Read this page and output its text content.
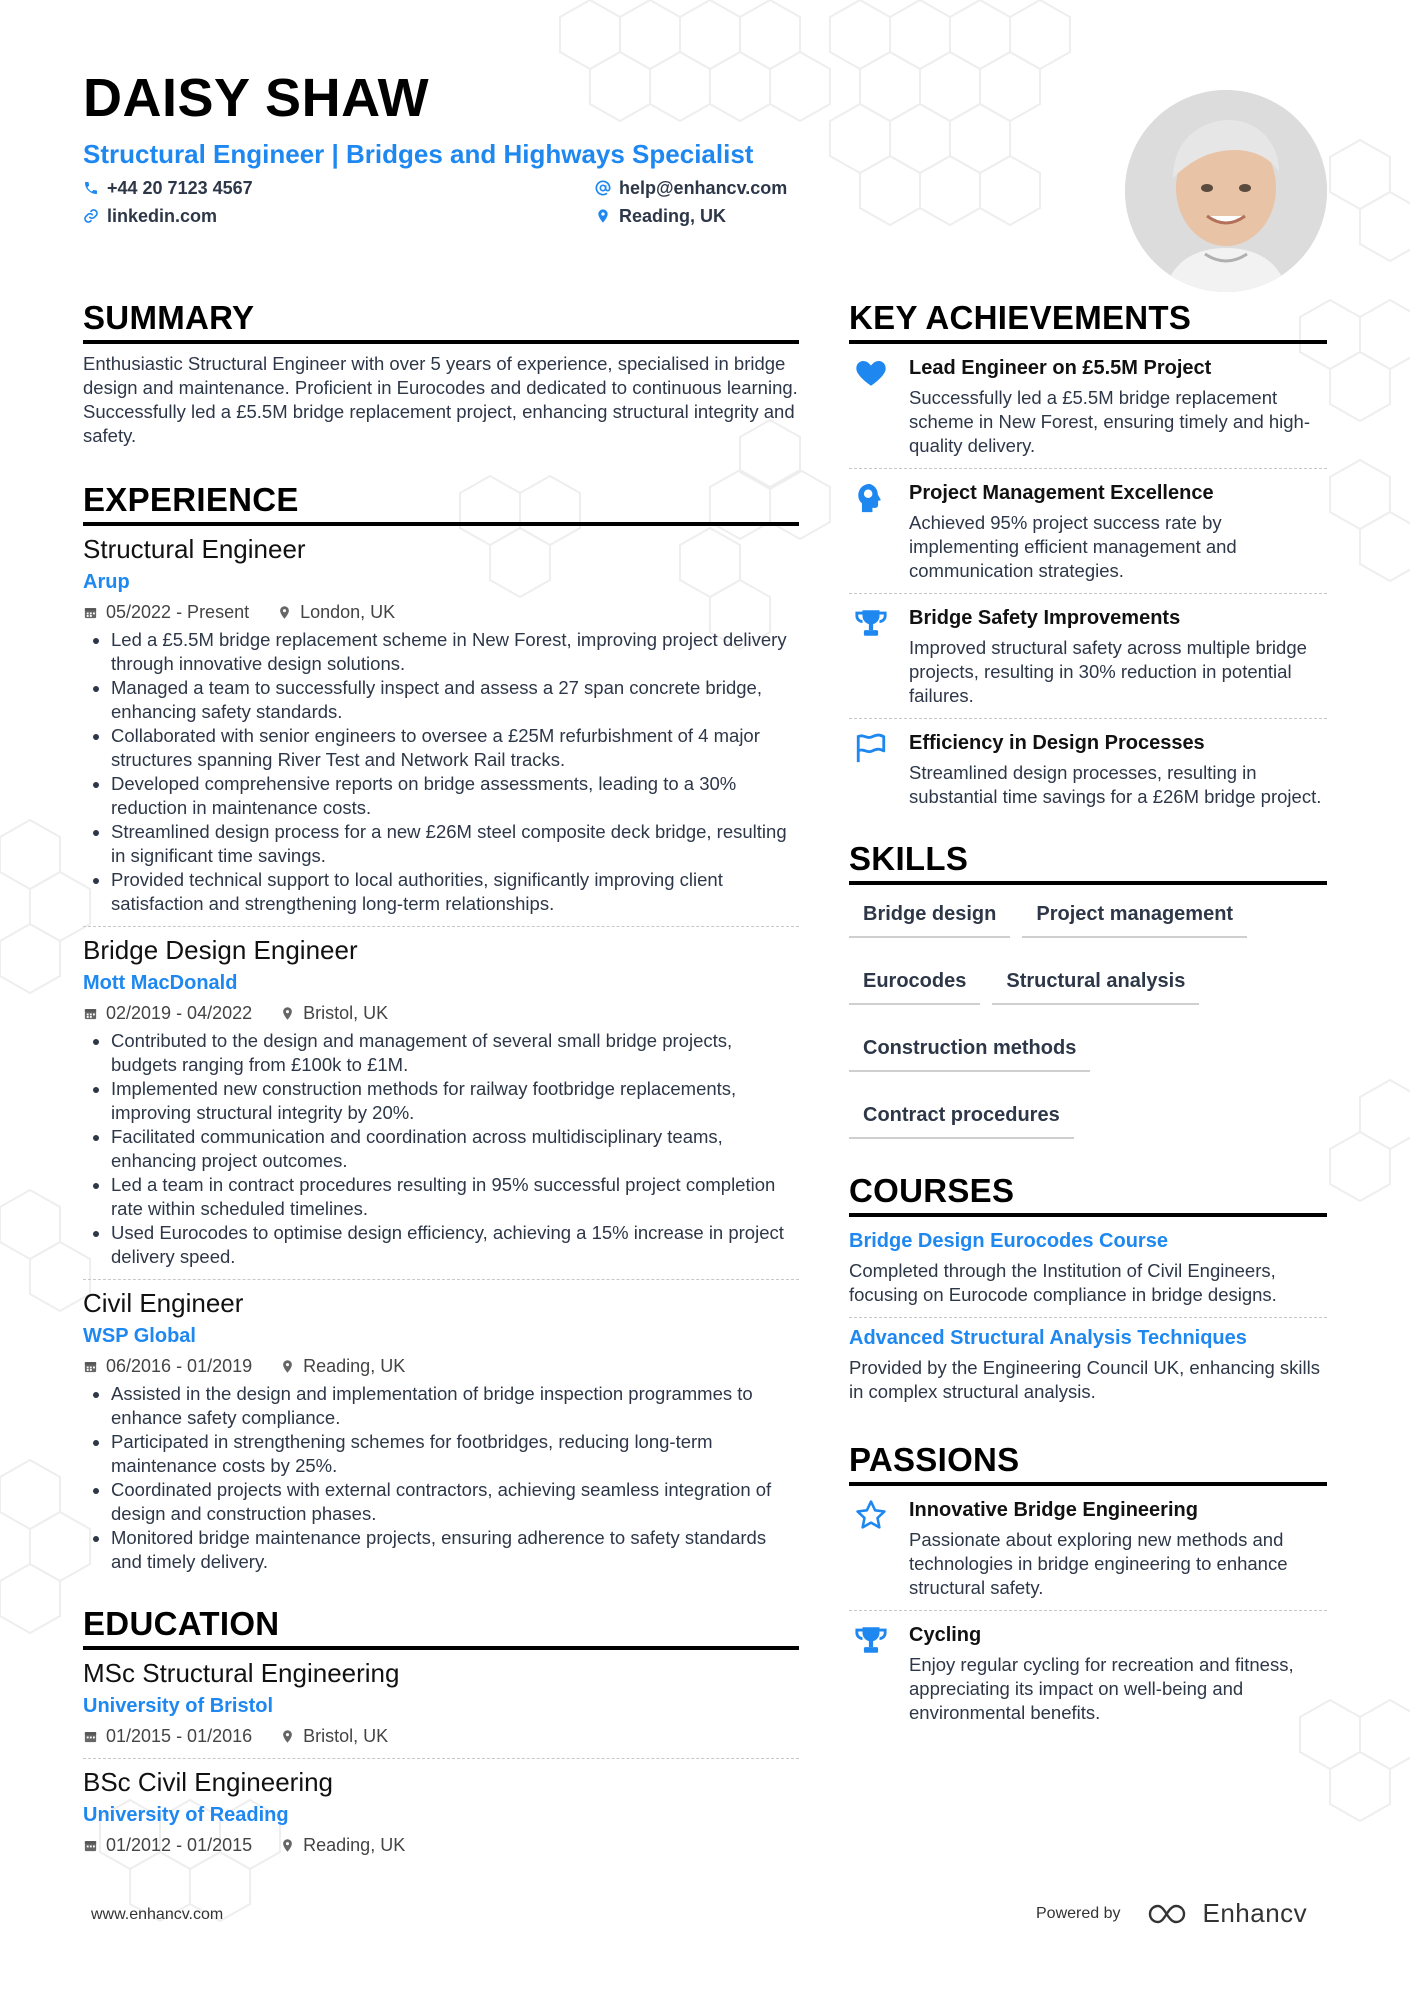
DAISY SHAW
Structural Engineer | Bridges and Highways Specialist
+44 20 7123 4567	help@enhancv.com
linkedin.com	Reading, UK
SUMMARY
Enthusiastic Structural Engineer with over 5 years of experience, specialised in bridge design and maintenance. Proficient in Eurocodes and dedicated to continuous learning. Successfully led a £5.5M bridge replacement project, enhancing structural integrity and safety.
EXPERIENCE
Structural Engineer
Arup
05/2022 - Present	London, UK
• Led a £5.5M bridge replacement scheme in New Forest, improving project delivery through innovative design solutions.
• Managed a team to successfully inspect and assess a 27 span concrete bridge, enhancing safety standards.
• Collaborated with senior engineers to oversee a £25M refurbishment of 4 major structures spanning River Test and Network Rail tracks.
• Developed comprehensive reports on bridge assessments, leading to a 30% reduction in maintenance costs.
• Streamlined design process for a new £26M steel composite deck bridge, resulting in significant time savings.
• Provided technical support to local authorities, significantly improving client satisfaction and strengthening long-term relationships.
Bridge Design Engineer
Mott MacDonald
02/2019 - 04/2022	Bristol, UK
• Contributed to the design and management of several small bridge projects, budgets ranging from £100k to £1M.
• Implemented new construction methods for railway footbridge replacements, improving structural integrity by 20%.
• Facilitated communication and coordination across multidisciplinary teams, enhancing project outcomes.
• Led a team in contract procedures resulting in 95% successful project completion rate within scheduled timelines.
• Used Eurocodes to optimise design efficiency, achieving a 15% increase in project delivery speed.
Civil Engineer
WSP Global
06/2016 - 01/2019	Reading, UK
• Assisted in the design and implementation of bridge inspection programmes to enhance safety compliance.
• Participated in strengthening schemes for footbridges, reducing long-term maintenance costs by 25%.
• Coordinated projects with external contractors, achieving seamless integration of design and construction phases.
• Monitored bridge maintenance projects, ensuring adherence to safety standards and timely delivery.
EDUCATION
MSc Structural Engineering
University of Bristol
01/2015 - 01/2016	Bristol, UK
BSc Civil Engineering
University of Reading
01/2012 - 01/2015	Reading, UK
KEY ACHIEVEMENTS
Lead Engineer on £5.5M Project
Successfully led a £5.5M bridge replacement scheme in New Forest, ensuring timely and high-quality delivery.
Project Management Excellence
Achieved 95% project success rate by implementing efficient management and communication strategies.
Bridge Safety Improvements
Improved structural safety across multiple bridge projects, resulting in 30% reduction in potential failures.
Efficiency in Design Processes
Streamlined design processes, resulting in substantial time savings for a £26M bridge project.
SKILLS
Bridge design	Project management
Eurocodes	Structural analysis
Construction methods
Contract procedures
COURSES
Bridge Design Eurocodes Course
Completed through the Institution of Civil Engineers, focusing on Eurocode compliance in bridge designs.
Advanced Structural Analysis Techniques
Provided by the Engineering Council UK, enhancing skills in complex structural analysis.
PASSIONS
Innovative Bridge Engineering
Passionate about exploring new methods and technologies in bridge engineering to enhance structural safety.
Cycling
Enjoy regular cycling for recreation and fitness, appreciating its impact on well-being and environmental benefits.
www.enhancv.com	Powered by	Enhancv
